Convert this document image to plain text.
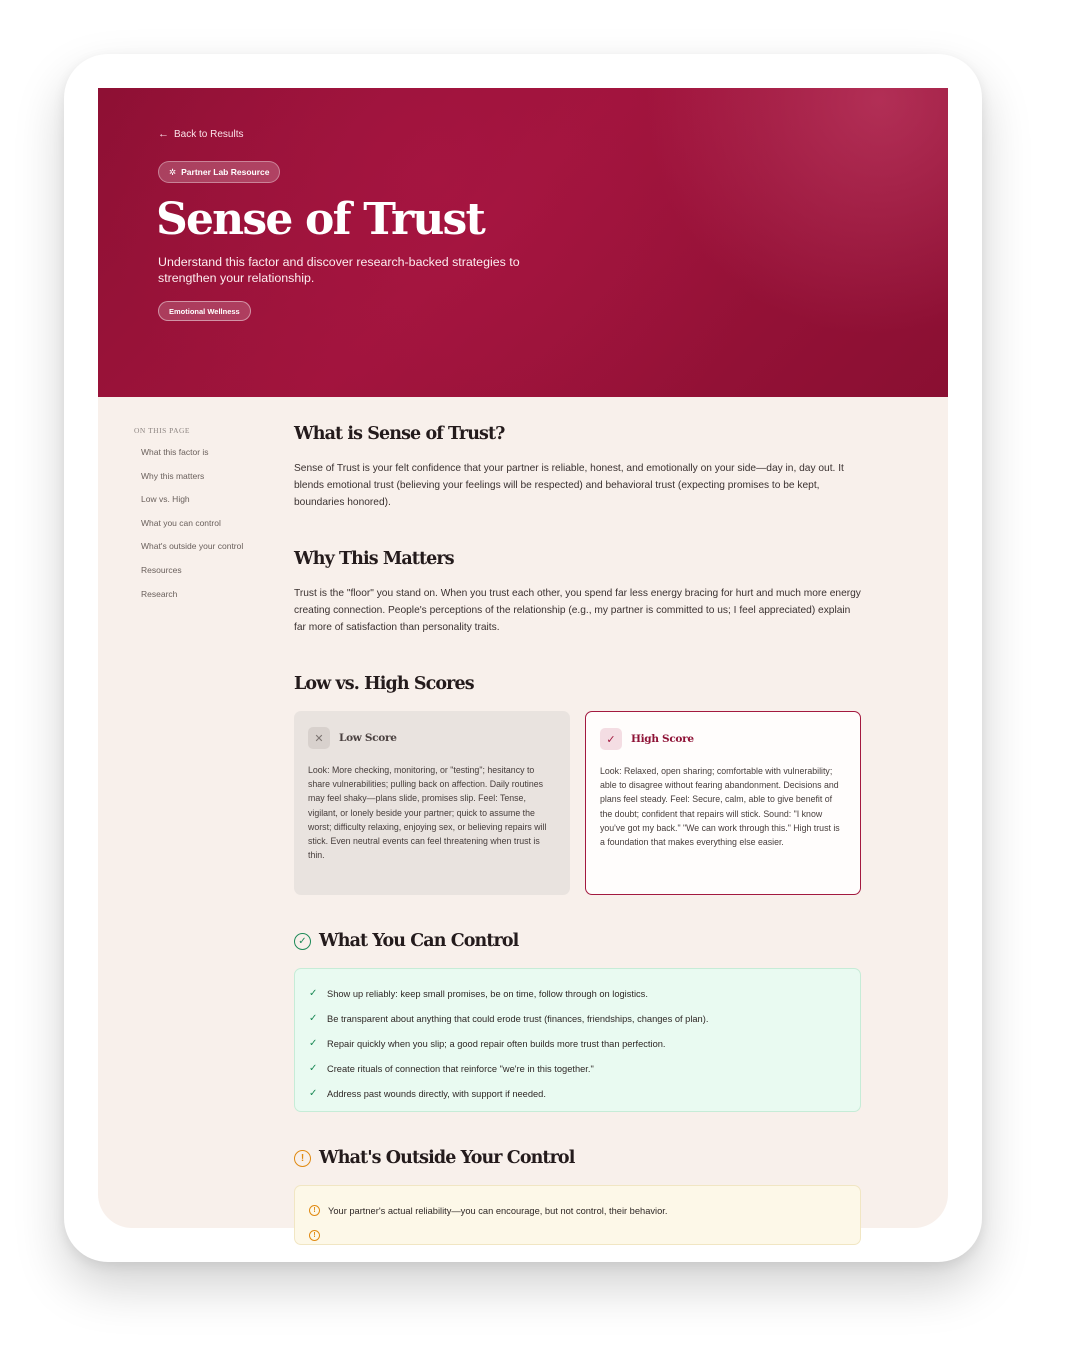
← Back to Results
✲ Partner Lab Resource
Sense of Trust
Understand this factor and discover research-backed strategies to strengthen your relationship.
Emotional Wellness
ON THIS PAGE
What this factor is
Why this matters
Low vs. High
What you can control
What's outside your control
Resources
Research
What is Sense of Trust?

Sense of Trust is your felt confidence that your partner is reliable, honest, and emotionally on your side—day in, day out. It blends emotional trust (believing your feelings will be respected) and behavioral trust (expecting promises to be kept, boundaries honored).

Why This Matters

Trust is the "floor" you stand on. When you trust each other, you spend far less energy bracing for hurt and much more energy creating connection. People's perceptions of the relationship (e.g., my partner is committed to us; I feel appreciated) explain far more of satisfaction than personality traits.

Low vs. High Scores
✕	Low Score
Look: More checking, monitoring, or "testing"; hesitancy to share vulnerabilities; pulling back on affection. Daily routines may feel shaky—plans slide, promises slip. Feel: Tense, vigilant, or lonely beside your partner; quick to assume the worst; difficulty relaxing, enjoying sex, or believing repairs will stick. Even neutral events can feel threatening when trust is thin.
✓	High Score
Look: Relaxed, open sharing; comfortable with vulnerability; able to disagree without fearing abandonment. Decisions and plans feel steady. Feel: Secure, calm, able to give benefit of the doubt; confident that repairs will stick. Sound: "I know you've got my back." "We can work through this." High trust is a foundation that makes everything else easier.
✓ What You Can Control
✓ Show up reliably: keep small promises, be on time, follow through on logistics.
✓ Be transparent about anything that could erode trust (finances, friendships, changes of plan).
✓ Repair quickly when you slip; a good repair often builds more trust than perfection.
✓ Create rituals of connection that reinforce "we're in this together."
✓ Address past wounds directly, with support if needed.
! What's Outside Your Control
!	Your partner's actual reliability—you can encourage, but not control, their behavior.
!
